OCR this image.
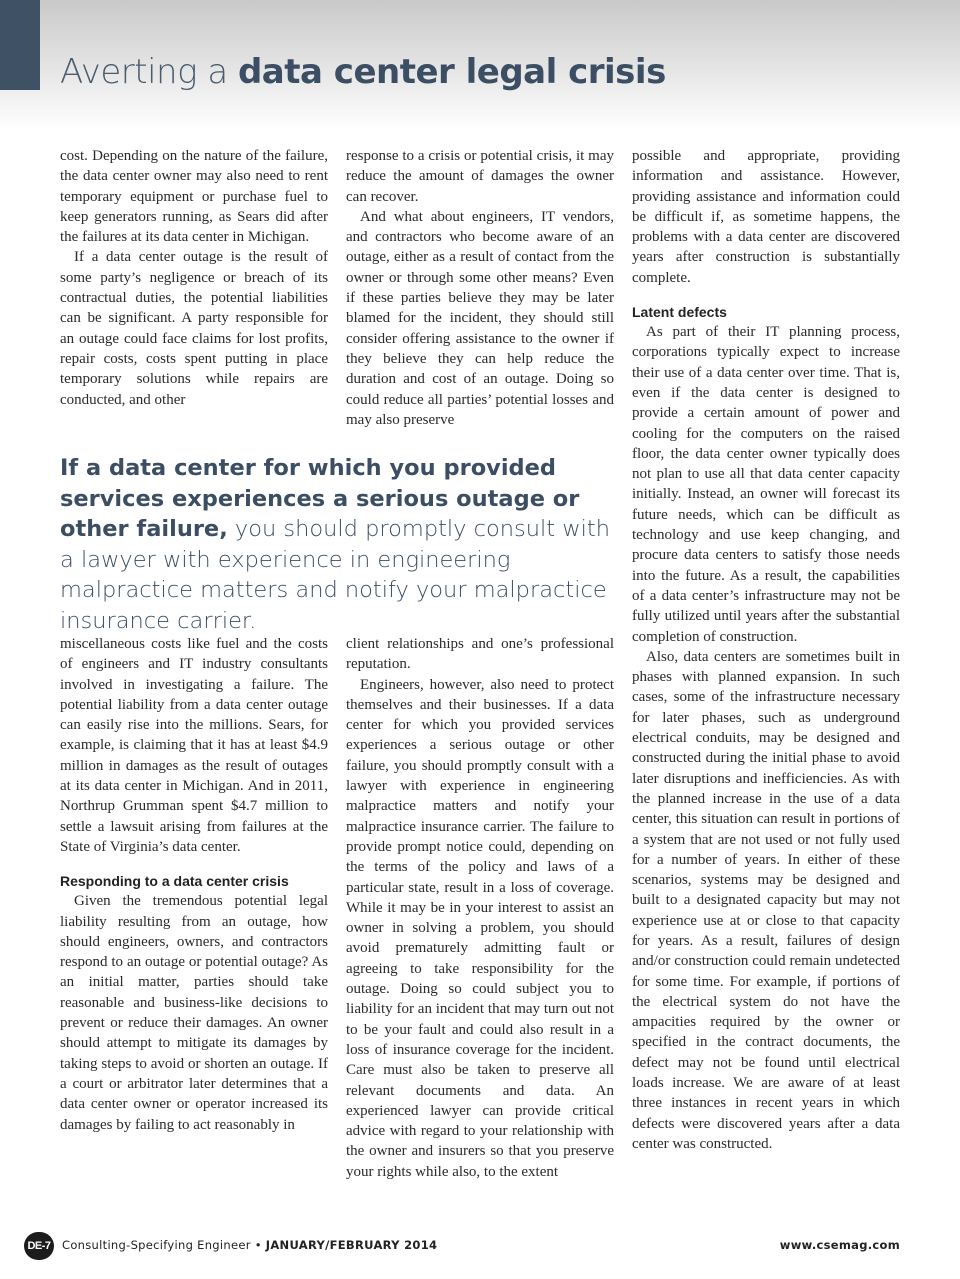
Averting a data center legal crisis

cost. Depending on the nature of the failure, the data center owner may also need to rent temporary equipment or purchase fuel to keep generators running, as Sears did after the failures at its data center in Michigan.

If a data center outage is the result of some party’s negligence or breach of its contractual duties, the potential liabilities can be significant. A party responsible for an outage could face claims for lost profits, repair costs, costs spent putting in place temporary solutions while repairs are conducted, and other

response to a crisis or potential crisis, it may reduce the amount of damages the owner can recover.

And what about engineers, IT vendors, and contractors who become aware of an outage, either as a result of contact from the owner or through some other means? Even if these parties believe they may be later blamed for the incident, they should still consider offering assistance to the owner if they believe they can help reduce the duration and cost of an outage. Doing so could reduce all parties’ potential losses and may also preserve

If a data center for which you provided services experiences a serious outage or other failure, you should promptly consult with a lawyer with experience in engineering malpractice matters and notify your malpractice insurance carrier.

miscellaneous costs like fuel and the costs of engineers and IT industry consultants involved in investigating a failure. The potential liability from a data center outage can easily rise into the millions. Sears, for example, is claiming that it has at least $4.9 million in damages as the result of outages at its data center in Michigan. And in 2011, Northrup Grumman spent $4.7 million to settle a lawsuit arising from failures at the State of Virginia’s data center.

Responding to a data center crisis

Given the tremendous potential legal liability resulting from an outage, how should engineers, owners, and contractors respond to an outage or potential outage? As an initial matter, parties should take reasonable and business-like decisions to prevent or reduce their damages. An owner should attempt to mitigate its damages by taking steps to avoid or shorten an outage. If a court or arbitrator later determines that a data center owner or operator increased its damages by failing to act reasonably in

client relationships and one’s professional reputation.

Engineers, however, also need to protect themselves and their businesses. If a data center for which you provided services experiences a serious outage or other failure, you should promptly consult with a lawyer with experience in engineering malpractice matters and notify your malpractice insurance carrier. The failure to provide prompt notice could, depending on the terms of the policy and laws of a particular state, result in a loss of coverage. While it may be in your interest to assist an owner in solving a problem, you should avoid prematurely admitting fault or agreeing to take responsibility for the outage. Doing so could subject you to liability for an incident that may turn out not to be your fault and could also result in a loss of insurance coverage for the incident. Care must also be taken to preserve all relevant documents and data. An experienced lawyer can provide critical advice with regard to your relationship with the owner and insurers so that you preserve your rights while also, to the extent

possible and appropriate, providing information and assistance. However, providing assistance and information could be difficult if, as sometime happens, the problems with a data center are discovered years after construction is substantially complete.

Latent defects

As part of their IT planning process, corporations typically expect to increase their use of a data center over time. That is, even if the data center is designed to provide a certain amount of power and cooling for the computers on the raised floor, the data center owner typically does not plan to use all that data center capacity initially. Instead, an owner will forecast its future needs, which can be difficult as technology and use keep changing, and procure data centers to satisfy those needs into the future. As a result, the capabilities of a data center’s infrastructure may not be fully utilized until years after the substantial completion of construction.

Also, data centers are sometimes built in phases with planned expansion. In such cases, some of the infrastructure necessary for later phases, such as underground electrical conduits, may be designed and constructed during the initial phase to avoid later disruptions and inefficiencies. As with the planned increase in the use of a data center, this situation can result in portions of a system that are not used or not fully used for a number of years. In either of these scenarios, systems may be designed and built to a designated capacity but may not experience use at or close to that capacity for years. As a result, failures of design and/or construction could remain undetected for some time. For example, if portions of the electrical system do not have the ampacities required by the owner or specified in the contract documents, the defect may not be found until electrical loads increase. We are aware of at least three instances in recent years in which defects were discovered years after a data center was constructed.

DE-7 Consulting-Specifying Engineer • JANUARY/FEBRUARY 2014	www.csemag.com
